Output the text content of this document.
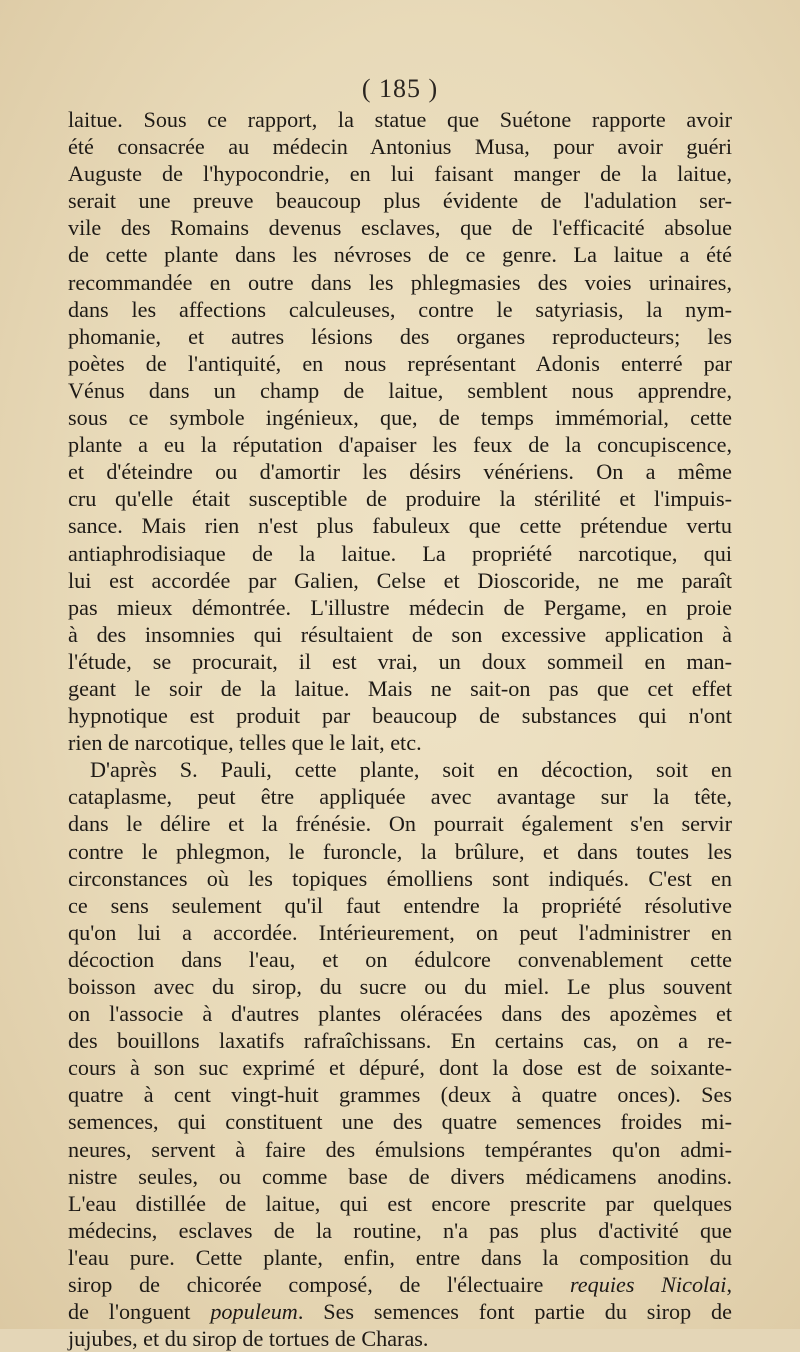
( 185 )
laitue. Sous ce rapport, la statue que Suétone rapporte avoir
été consacrée au médecin Antonius Musa, pour avoir guéri
Auguste de l'hypocondrie, en lui faisant manger de la laitue,
serait une preuve beaucoup plus évidente de l'adulation ser-
vile des Romains devenus esclaves, que de l'efficacité absolue
de cette plante dans les névroses de ce genre. La laitue a été
recommandée en outre dans les phlegmasies des voies urinaires,
dans les affections calculeuses, contre le satyriasis, la nym-
phomanie, et autres lésions des organes reproducteurs; les
poètes de l'antiquité, en nous représentant Adonis enterré par
Vénus dans un champ de laitue, semblent nous apprendre,
sous ce symbole ingénieux, que, de temps immémorial, cette
plante a eu la réputation d'apaiser les feux de la concupiscence,
et d'éteindre ou d'amortir les désirs vénériens. On a même
cru qu'elle était susceptible de produire la stérilité et l'impuis-
sance. Mais rien n'est plus fabuleux que cette prétendue vertu
antiaphrodisiaque de la laitue. La propriété narcotique, qui
lui est accordée par Galien, Celse et Dioscoride, ne me paraît
pas mieux démontrée. L'illustre médecin de Pergame, en proie
à des insomnies qui résultaient de son excessive application à
l'étude, se procurait, il est vrai, un doux sommeil en man-
geant le soir de la laitue. Mais ne sait-on pas que cet effet
hypnotique est produit par beaucoup de substances qui n'ont
rien de narcotique, telles que le lait, etc.
D'après S. Pauli, cette plante, soit en décoction, soit en
cataplasme, peut être appliquée avec avantage sur la tête,
dans le délire et la frénésie. On pourrait également s'en servir
contre le phlegmon, le furoncle, la brûlure, et dans toutes les
circonstances où les topiques émolliens sont indiqués. C'est en
ce sens seulement qu'il faut entendre la propriété résolutive
qu'on lui a accordée. Intérieurement, on peut l'administrer en
décoction dans l'eau, et on édulcore convenablement cette
boisson avec du sirop, du sucre ou du miel. Le plus souvent
on l'associe à d'autres plantes oléracées dans des apozèmes et
des bouillons laxatifs rafraîchissans. En certains cas, on a re-
cours à son suc exprimé et dépuré, dont la dose est de soixante-
quatre à cent vingt-huit grammes (deux à quatre onces). Ses
semences, qui constituent une des quatre semences froides mi-
neures, servent à faire des émulsions tempérantes qu'on admi-
nistre seules, ou comme base de divers médicamens anodins.
L'eau distillée de laitue, qui est encore prescrite par quelques
médecins, esclaves de la routine, n'a pas plus d'activité que
l'eau pure. Cette plante, enfin, entre dans la composition du
sirop de chicorée composé, de l'électuaire requies Nicolai,
de l'onguent populeum. Ses semences font partie du sirop de
jujubes, et du sirop de tortues de Charas.
